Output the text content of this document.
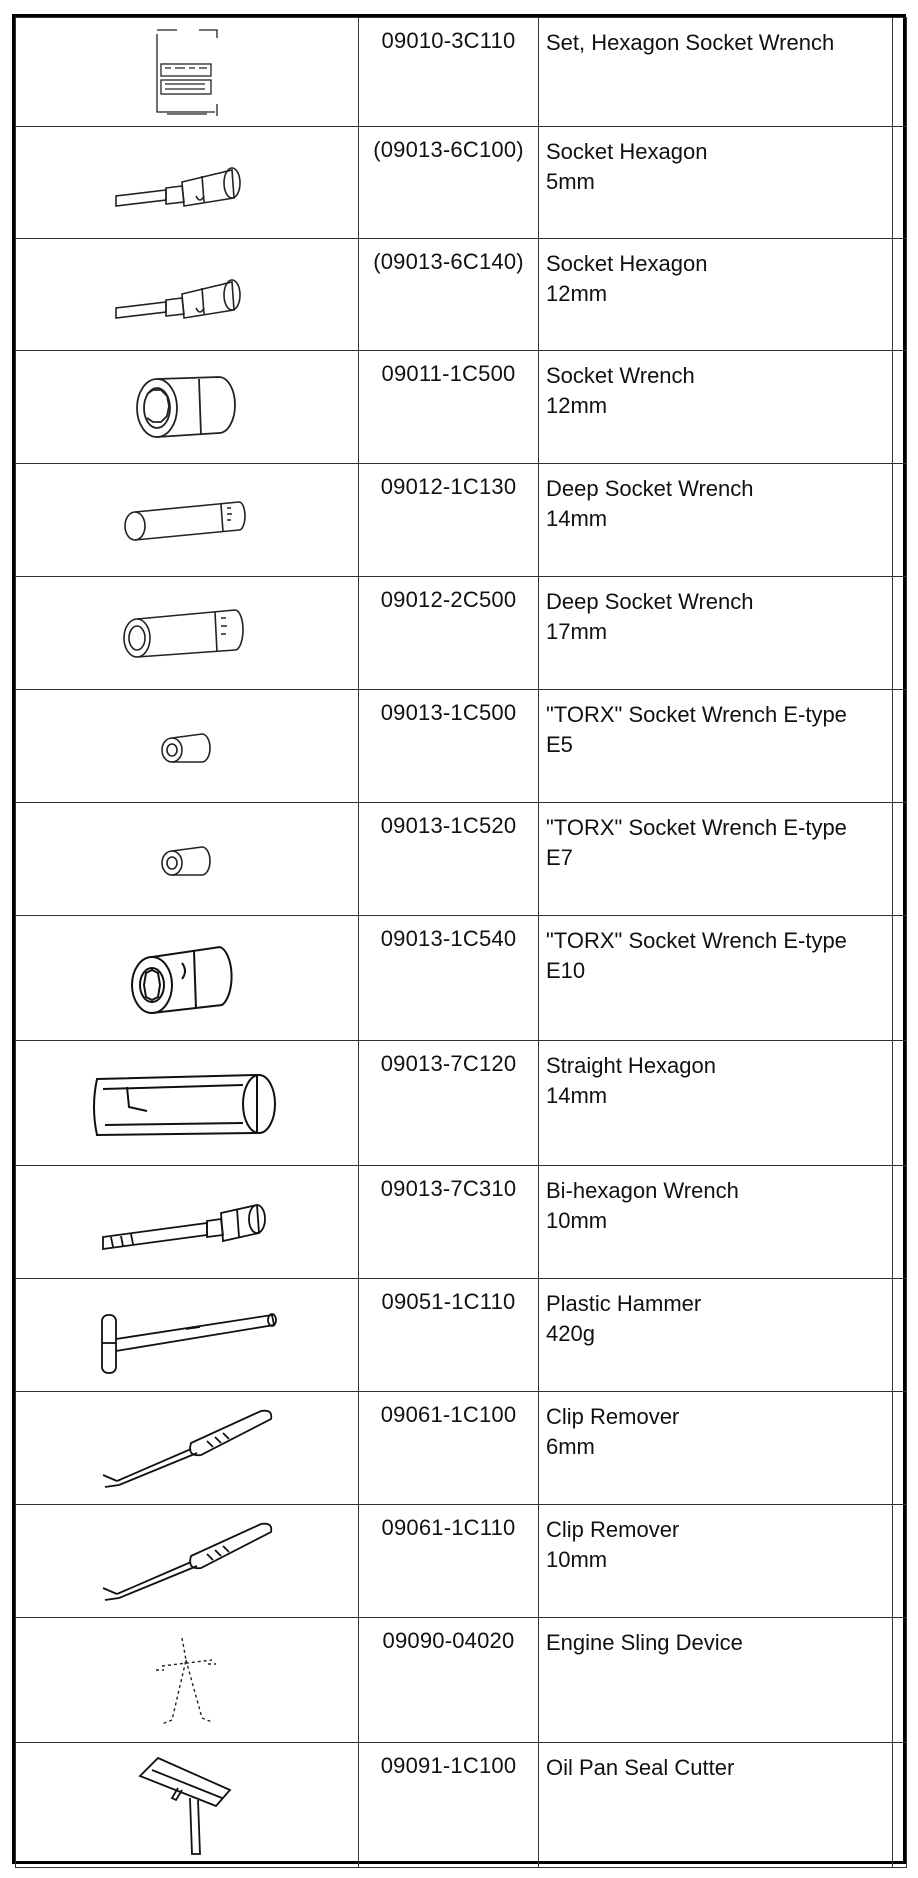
	09010-3C110	Set, Hexagon Socket Wrench	

	(09013-6C100)	Socket Hexagon
5mm	

	(09013-6C140)	Socket Hexagon
12mm	

	09011-1C500	Socket Wrench
12mm	

	09012-1C130	Deep Socket Wrench
14mm	

	09012-2C500	Deep Socket Wrench
17mm	

	09013-1C500	"TORX" Socket Wrench E-type
E5	

	09013-1C520	"TORX" Socket Wrench E-type
E7	

	09013-1C540	"TORX" Socket Wrench E-type
E10	

	09013-7C120	Straight Hexagon
14mm	

	09013-7C310	Bi-hexagon Wrench
10mm	

	09051-1C110	Plastic Hammer
420g	

	09061-1C100	Clip Remover
6mm	

	09061-1C110	Clip Remover
10mm	

	09090-04020	Engine Sling Device	

	09091-1C100	Oil Pan Seal Cutter	
